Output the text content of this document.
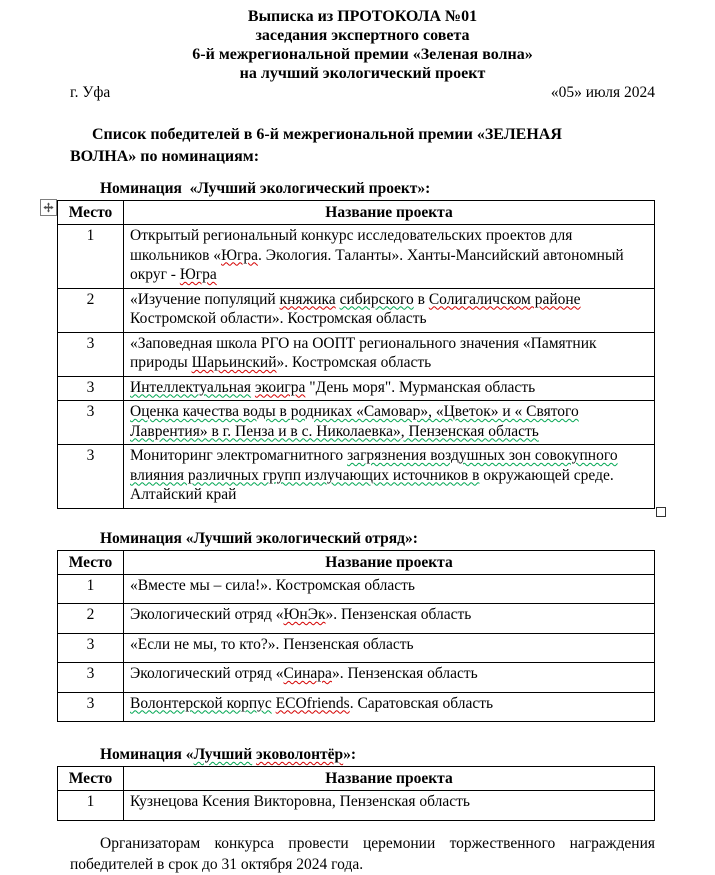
Выписка из ПРОТОКОЛА №01
заседания экспертного совета
6-й межрегиональной премии «Зеленая волна»
на лучший экологический проект
г. Уфа	«05» июля 2024
Список победителей в 6-й межрегиональной премии «ЗЕЛЕНАЯ
ВОЛНА» по номинациям:
Номинация  «Лучший экологический проект»:
Место	Название проекта
1	Открытый региональный конкурс исследовательских проектов для школьников «Югра. Экология. Таланты». Ханты-Мансийский автономный округ - Югра
2	«Изучение популяций княжика сибирского в Солигаличском районе Костромской области». Костромская область
3	«Заповедная школа РГО на ООПТ регионального значения «Памятник природы Шарьинский». Костромская область
3	Интеллектуальная экоигра "День моря". Мурманская область
3	Оценка качества воды в родниках «Самовар», «Цветок» и « Святого Лаврентия» в г. Пенза и в с. Николаевка», Пензенская область
3	Мониторинг электромагнитного загрязнения воздушных зон совокупного влияния различных групп излучающих источников в окружающей среде. Алтайский край
Номинация «Лучший экологический отряд»:
Место	Название проекта
1	«Вместе мы – сила!». Костромская область
2	Экологический отряд «ЮнЭк». Пензенская область
3	«Если не мы, то кто?». Пензенская область
3	Экологический отряд «Синара». Пензенская область
3	Волонтерской корпус ECOfriends. Саратовская область
Номинация «Лучший эковолонтёр»:
Место	Название проекта
1	Кузнецова Ксения Викторовна, Пензенская область
Организаторам конкурса провести церемонии торжественного награждения
победителей в срок до 31 октября 2024 года.
